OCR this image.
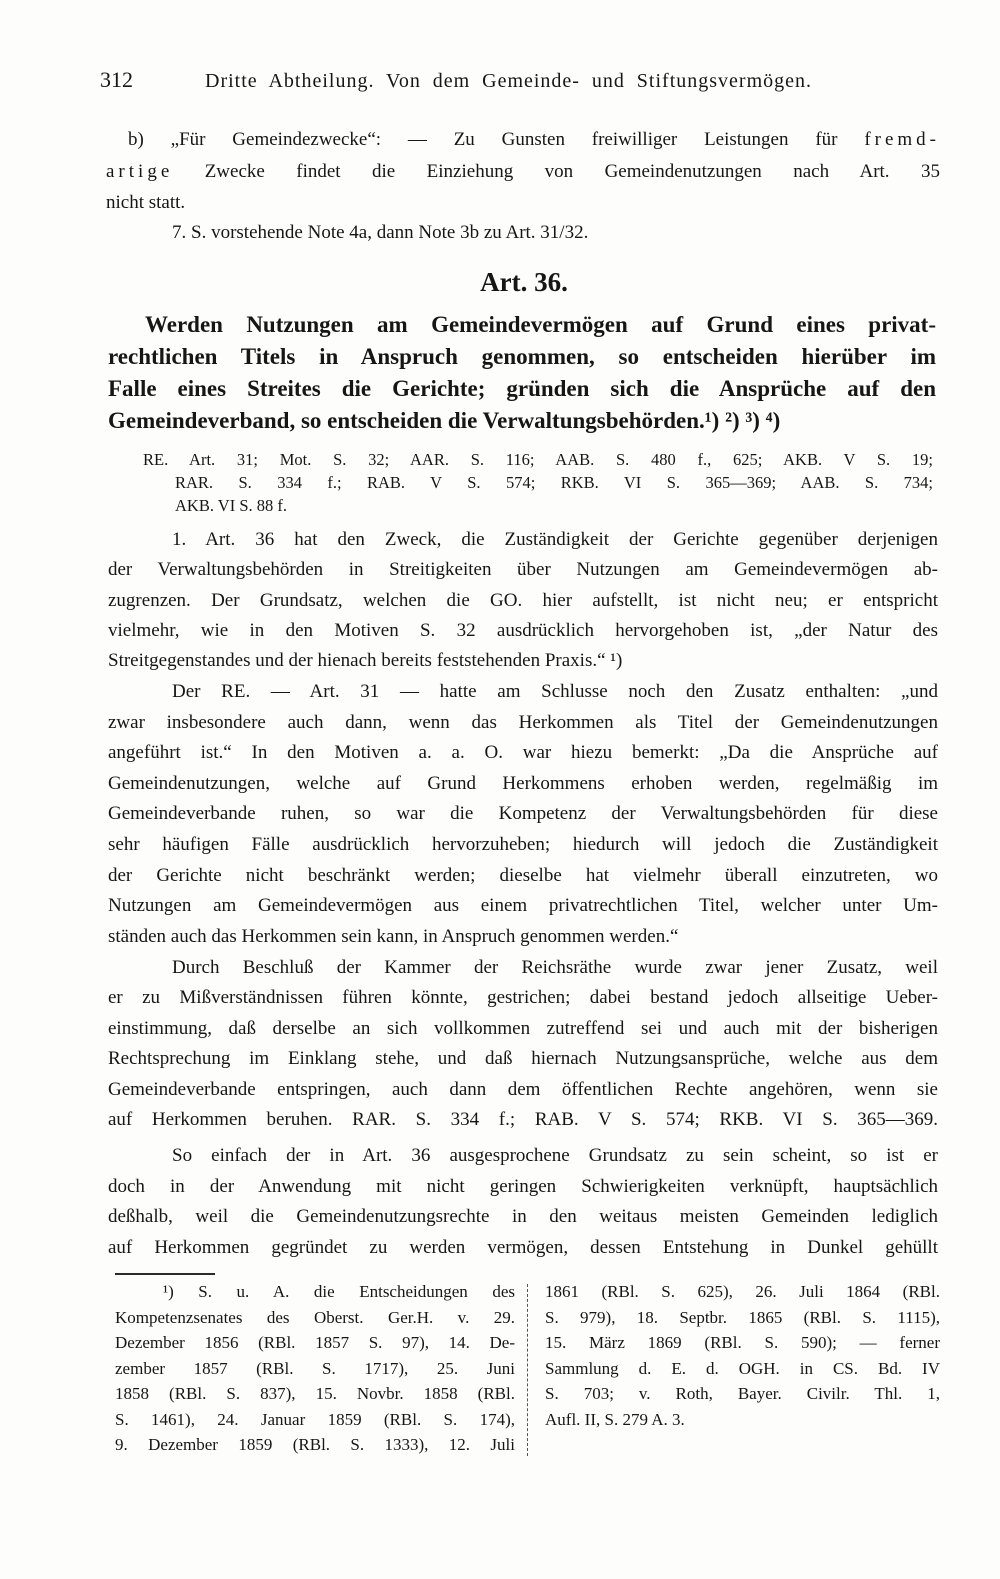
312	Dritte Abtheilung. Von dem Gemeinde- und Stiftungsvermögen.
b) „Für Gemeindezwecke“: — Zu Gunsten freiwilliger Leistungen für fremd-
artige Zwecke findet die Einziehung von Gemeindenutzungen nach Art. 35
nicht statt.
7. S. vorstehende Note 4a, dann Note 3b zu Art. 31/32.
Art. 36.
Werden Nutzungen am Gemeindevermögen auf Grund eines privat-
rechtlichen Titels in Anspruch genommen, so entscheiden hierüber im
Falle eines Streites die Gerichte; gründen sich die Ansprüche auf den
Gemeindeverband, so entscheiden die Verwaltungsbehörden.¹) ²) ³) ⁴)
RE. Art. 31; Mot. S. 32; AAR. S. 116; AAB. S. 480 f., 625; AKB. V S. 19;
RAR. S. 334 f.; RAB. V S. 574; RKB. VI S. 365—369; AAB. S. 734;
AKB. VI S. 88 f.
1. Art. 36 hat den Zweck, die Zuständigkeit der Gerichte gegenüber derjenigen
der Verwaltungsbehörden in Streitigkeiten über Nutzungen am Gemeindevermögen ab-
zugrenzen. Der Grundsatz, welchen die GO. hier aufstellt, ist nicht neu; er entspricht
vielmehr, wie in den Motiven S. 32 ausdrücklich hervorgehoben ist, „der Natur des
Streitgegenstandes und der hienach bereits feststehenden Praxis.“ ¹)
Der RE. — Art. 31 — hatte am Schlusse noch den Zusatz enthalten: „und
zwar insbesondere auch dann, wenn das Herkommen als Titel der Gemeindenutzungen
angeführt ist.“ In den Motiven a. a. O. war hiezu bemerkt: „Da die Ansprüche auf
Gemeindenutzungen, welche auf Grund Herkommens erhoben werden, regelmäßig im
Gemeindeverbande ruhen, so war die Kompetenz der Verwaltungsbehörden für diese
sehr häufigen Fälle ausdrücklich hervorzuheben; hiedurch will jedoch die Zuständigkeit
der Gerichte nicht beschränkt werden; dieselbe hat vielmehr überall einzutreten, wo
Nutzungen am Gemeindevermögen aus einem privatrechtlichen Titel, welcher unter Um-
ständen auch das Herkommen sein kann, in Anspruch genommen werden.“
Durch Beschluß der Kammer der Reichsräthe wurde zwar jener Zusatz, weil
er zu Mißverständnissen führen könnte, gestrichen; dabei bestand jedoch allseitige Ueber-
einstimmung, daß derselbe an sich vollkommen zutreffend sei und auch mit der bisherigen
Rechtsprechung im Einklang stehe, und daß hiernach Nutzungsansprüche, welche aus dem
Gemeindeverbande entspringen, auch dann dem öffentlichen Rechte angehören, wenn sie
auf Herkommen beruhen. RAR. S. 334 f.; RAB. V S. 574; RKB. VI S. 365—369.
So einfach der in Art. 36 ausgesprochene Grundsatz zu sein scheint, so ist er
doch in der Anwendung mit nicht geringen Schwierigkeiten verknüpft, hauptsächlich
deßhalb, weil die Gemeindenutzungsrechte in den weitaus meisten Gemeinden lediglich
auf Herkommen gegründet zu werden vermögen, dessen Entstehung in Dunkel gehüllt
¹) S. u. A. die Entscheidungen des
Kompetenzsenates des Oberst. Ger.H. v. 29.
Dezember 1856 (RBl. 1857 S. 97), 14. De-
zember 1857 (RBl. S. 1717), 25. Juni
1858 (RBl. S. 837), 15. Novbr. 1858 (RBl.
S. 1461), 24. Januar 1859 (RBl. S. 174),
9. Dezember 1859 (RBl. S. 1333), 12. Juli
1861 (RBl. S. 625), 26. Juli 1864 (RBl.
S. 979), 18. Septbr. 1865 (RBl. S. 1115),
15. März 1869 (RBl. S. 590); — ferner
Sammlung d. E. d. OGH. in CS. Bd. IV
S. 703; v. Roth, Bayer. Civilr. Thl. 1,
Aufl. II, S. 279 A. 3.
